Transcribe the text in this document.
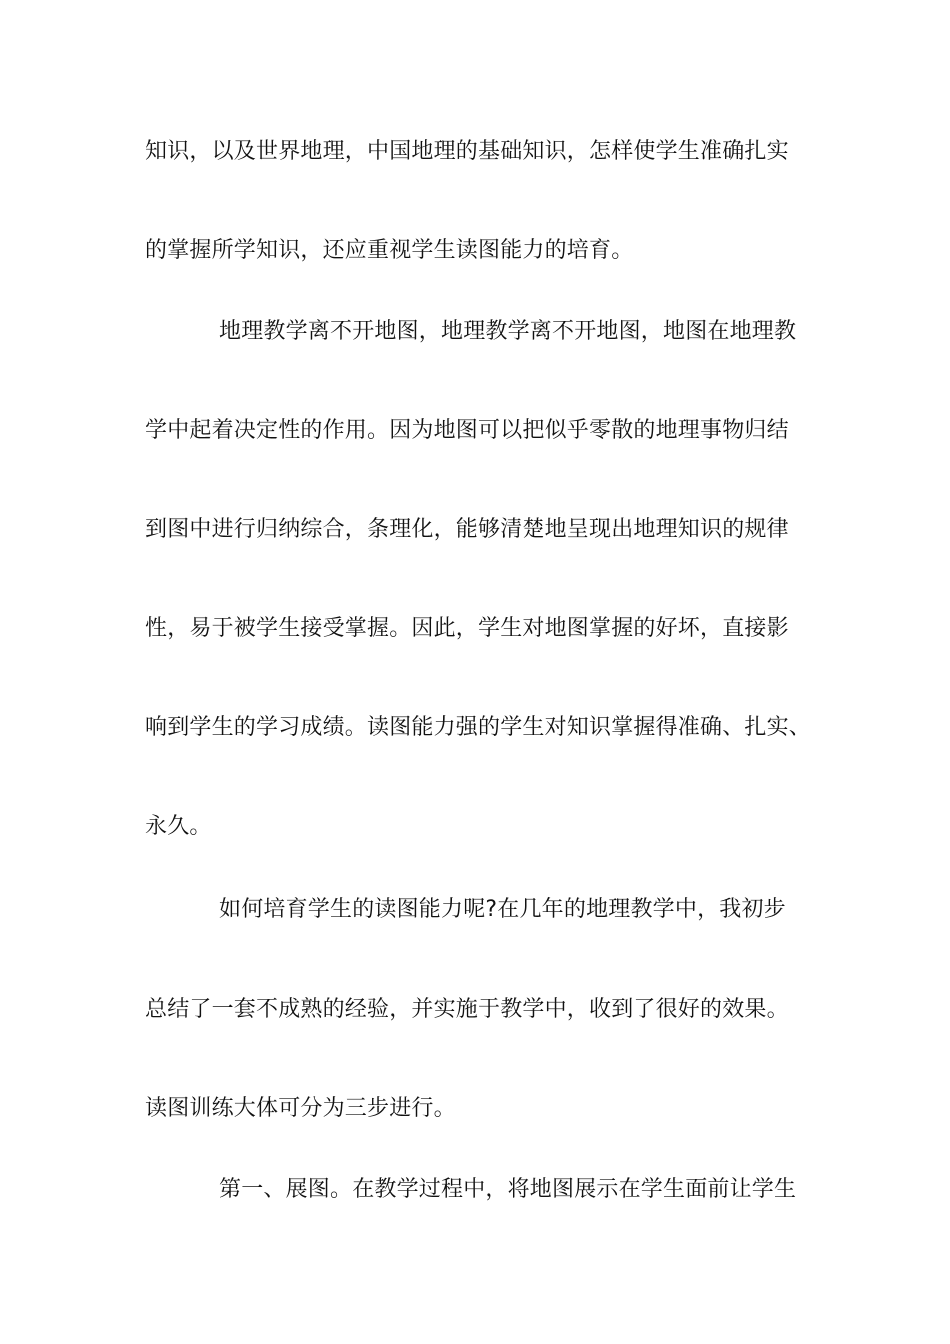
知识，以及世界地理，中国地理的基础知识，怎样使学生准确扎实
的掌握所学知识，还应重视学生读图能力的培育。
地理教学离不开地图，地理教学离不开地图，地图在地理教
学中起着决定性的作用。因为地图可以把似乎零散的地理事物归结
到图中进行归纳综合，条理化，能够清楚地呈现出地理知识的规律
性，易于被学生接受掌握。因此，学生对地图掌握的好坏，直接影
响到学生的学习成绩。读图能力强的学生对知识掌握得准确、扎实、
永久。
如何培育学生的读图能力呢?在几年的地理教学中，我初步
总结了一套不成熟的经验，并实施于教学中，收到了很好的效果。
读图训练大体可分为三步进行。
第一、展图。在教学过程中，将地图展示在学生面前让学生
